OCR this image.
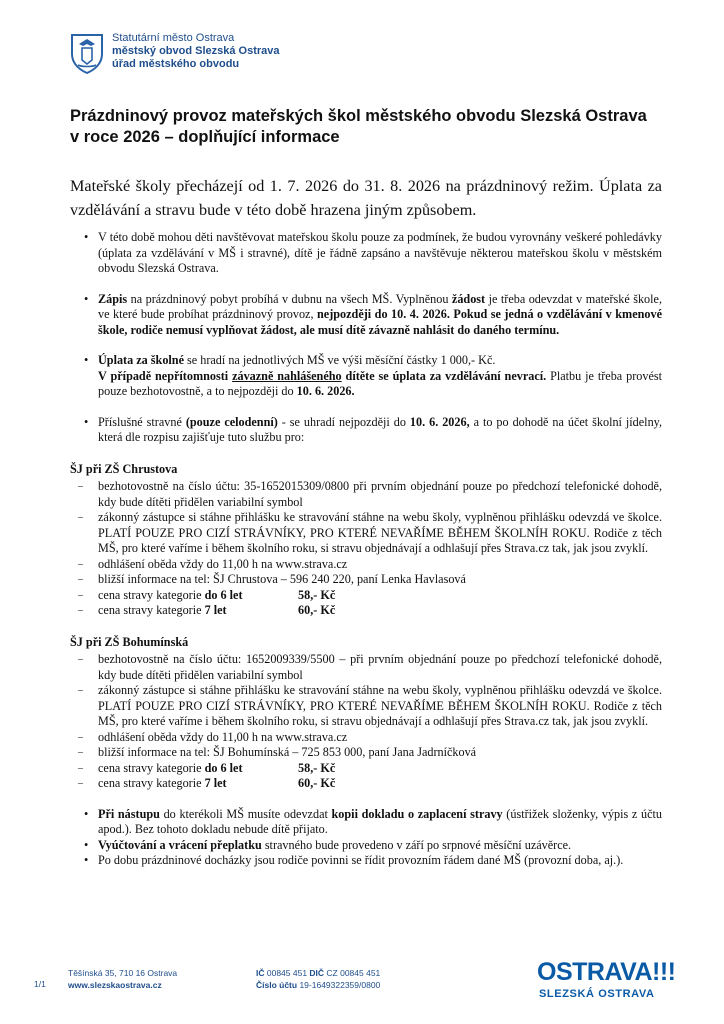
Statutární město Ostrava
městský obvod Slezská Ostrava
úřad městského obvodu
Prázdninový provoz mateřských škol městského obvodu Slezská Ostrava v roce 2026 – doplňující informace

Mateřské školy přecházejí od 1. 7. 2026 do 31. 8. 2026 na prázdninový režim. Úplata za vzdělávání a stravu bude v této době hrazena jiným způsobem.

• V této době mohou děti navštěvovat mateřskou školu pouze za podmínek, že budou vyrovnány veškeré pohledávky (úplata za vzdělávání v MŠ i stravné), dítě je řádně zapsáno a navštěvuje některou mateřskou školu v městském obvodu Slezská Ostrava.
• Zápis na prázdninový pobyt probíhá v dubnu na všech MŠ. Vyplněnou žádost je třeba odevzdat v mateřské škole, ve které bude probíhat prázdninový provoz, nejpozději do 10. 4. 2026. Pokud se jedná o vzdělávání v kmenové škole, rodiče nemusí vyplňovat žádost, ale musí dítě závazně nahlásit do daného termínu.
• Úplata za školné se hradí na jednotlivých MŠ ve výši měsíční částky 1 000,- Kč.
V případě nepřítomnosti závazně nahlášeného dítěte se úplata za vzdělávání nevrací. Platbu je třeba provést pouze bezhotovostně, a to nejpozději do 10. 6. 2026.
• Příslušné stravné (pouze celodenní) - se uhradí nejpozději do 10. 6. 2026, a to po dohodě na účet školní jídelny, která dle rozpisu zajišťuje tuto službu pro:
ŠJ při ZŠ Chrustova
– bezhotovostně na číslo účtu: 35-1652015309/0800 při prvním objednání pouze po předchozí telefonické dohodě, kdy bude dítěti přidělen variabilní symbol
– zákonný zástupce si stáhne přihlášku ke stravování stáhne na webu školy, vyplněnou přihlášku odevzdá ve školce. PLATÍ POUZE PRO CIZÍ STRÁVNÍKY, PRO KTERÉ NEVAŘÍME BĚHEM ŠKOLNÍH ROKU. Rodiče z těch MŠ, pro které vaříme i během školního roku, si stravu objednávají a odhlašují přes Strava.cz tak, jak jsou zvyklí.
– odhlášení oběda vždy do 11,00 h na www.strava.cz
– bližší informace na tel: ŠJ Chrustova – 596 240 220, paní Lenka Havlasová
– cena stravy kategorie do 6 let	58,- Kč
– cena stravy kategorie 7 let	60,- Kč
ŠJ při ZŠ Bohumínská
– bezhotovostně na číslo účtu: 1652009339/5500 – při prvním objednání pouze po předchozí telefonické dohodě, kdy bude dítěti přidělen variabilní symbol
– zákonný zástupce si stáhne přihlášku ke stravování stáhne na webu školy, vyplněnou přihlášku odevzdá ve školce. PLATÍ POUZE PRO CIZÍ STRÁVNÍKY, PRO KTERÉ NEVAŘÍME BĚHEM ŠKOLNÍH ROKU. Rodiče z těch MŠ, pro které vaříme i během školního roku, si stravu objednávají a odhlašují přes Strava.cz tak, jak jsou zvyklí.
– odhlášení oběda vždy do 11,00 h na www.strava.cz
– bližší informace na tel: ŠJ Bohumínská – 725 853 000, paní Jana Jadrníčková
– cena stravy kategorie do 6 let	58,- Kč
– cena stravy kategorie 7 let	60,- Kč
• Při nástupu do kterékoli MŠ musíte odevzdat kopii dokladu o zaplacení stravy (ústřižek složenky, výpis z účtu apod.). Bez tohoto dokladu nebude dítě přijato.
• Vyúčtování a vrácení přeplatku stravného bude provedeno v září po srpnové měsíční uzávěrce.
• Po dobu prázdninové docházky jsou rodiče povinni se řídit provozním řádem dané MŠ (provozní doba, aj.).
1/1
Těšínská 35, 710 16 Ostrava
www.slezskaostrava.cz
IČ 00845 451 DIČ CZ 00845 451
Číslo účtu 19-1649322359/0800	OSTRAVA!!!
SLEZSKÁ OSTRAVA
